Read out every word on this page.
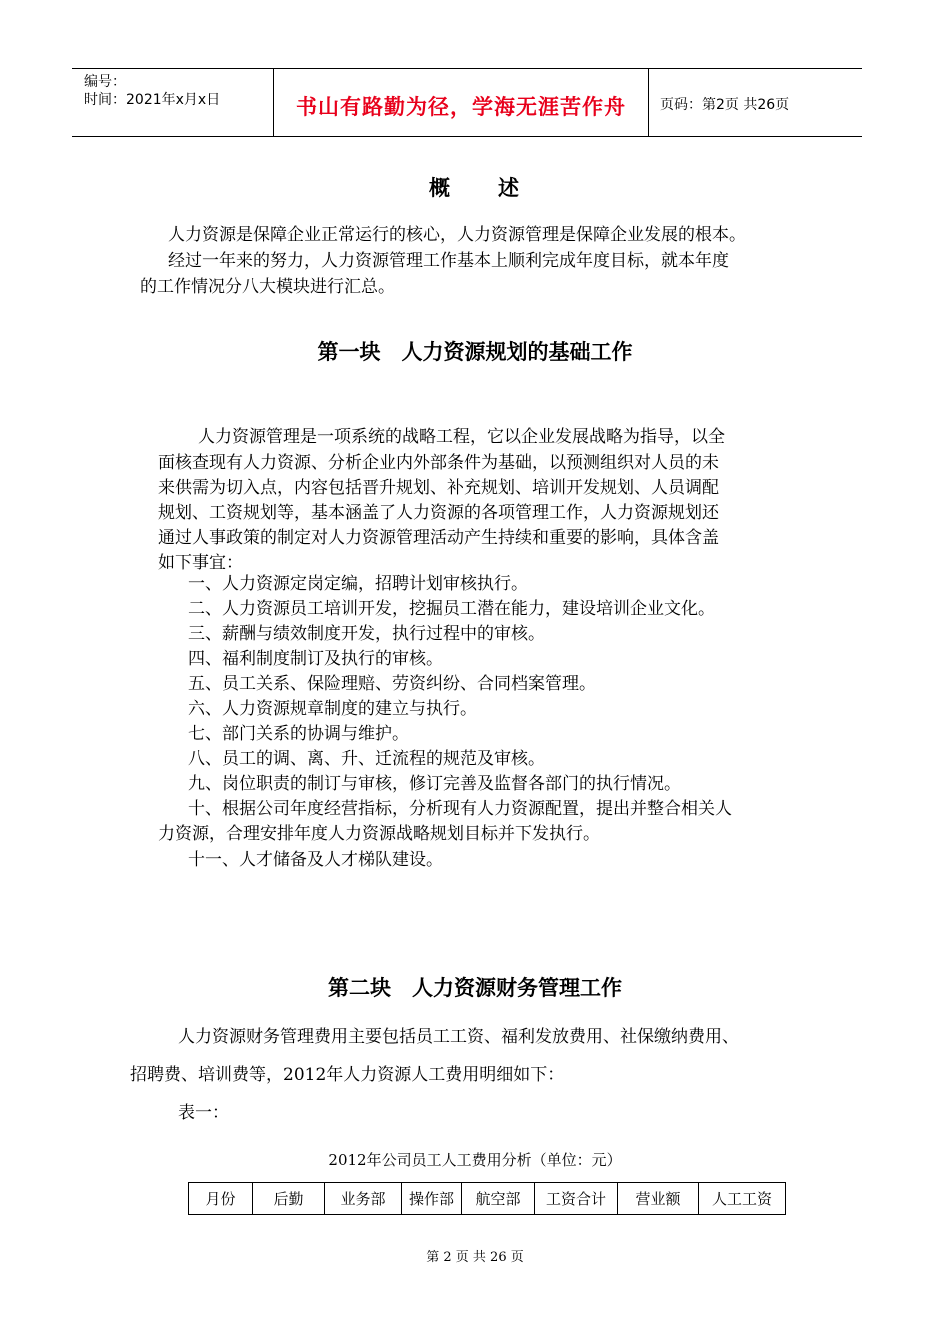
编号：
时间：2021年x月x日	书山有路勤为径，学海无涯苦作舟	页码：第2页 共26页
概　　述
人力资源是保障企业正常运行的核心，人力资源管理是保障企业发展的根本。
经过一年来的努力，人力资源管理工作基本上顺利完成年度目标，就本年度
的工作情况分八大模块进行汇总。
第一块　人力资源规划的基础工作
人力资源管理是一项系统的战略工程，它以企业发展战略为指导，以全
面核查现有人力资源、分析企业内外部条件为基础，以预测组织对人员的未
来供需为切入点，内容包括晋升规划、补充规划、培训开发规划、人员调配
规划、工资规划等，基本涵盖了人力资源的各项管理工作，人力资源规划还
通过人事政策的制定对人力资源管理活动产生持续和重要的影响，具体含盖
如下事宜：
一、人力资源定岗定编，招聘计划审核执行。
二、人力资源员工培训开发，挖掘员工潜在能力，建设培训企业文化。
三、薪酬与绩效制度开发，执行过程中的审核。
四、福利制度制订及执行的审核。
五、员工关系、保险理赔、劳资纠纷、合同档案管理。
六、人力资源规章制度的建立与执行。
七、部门关系的协调与维护。
八、员工的调、离、升、迁流程的规范及审核。
九、岗位职责的制订与审核，修订完善及监督各部门的执行情况。
十、根据公司年度经营指标，分析现有人力资源配置，提出并整合相关人
力资源，合理安排年度人力资源战略规划目标并下发执行。
十一、人才储备及人才梯队建设。
第二块　人力资源财务管理工作
人力资源财务管理费用主要包括员工工资、福利发放费用、社保缴纳费用、
招聘费、培训费等，2012年人力资源人工费用明细如下：
表一：
2012年公司员工人工费用分析（单位：元）
月份	后勤	业务部	操作部	航空部	工资合计	营业额	人工工资
第 2 页 共 26 页
